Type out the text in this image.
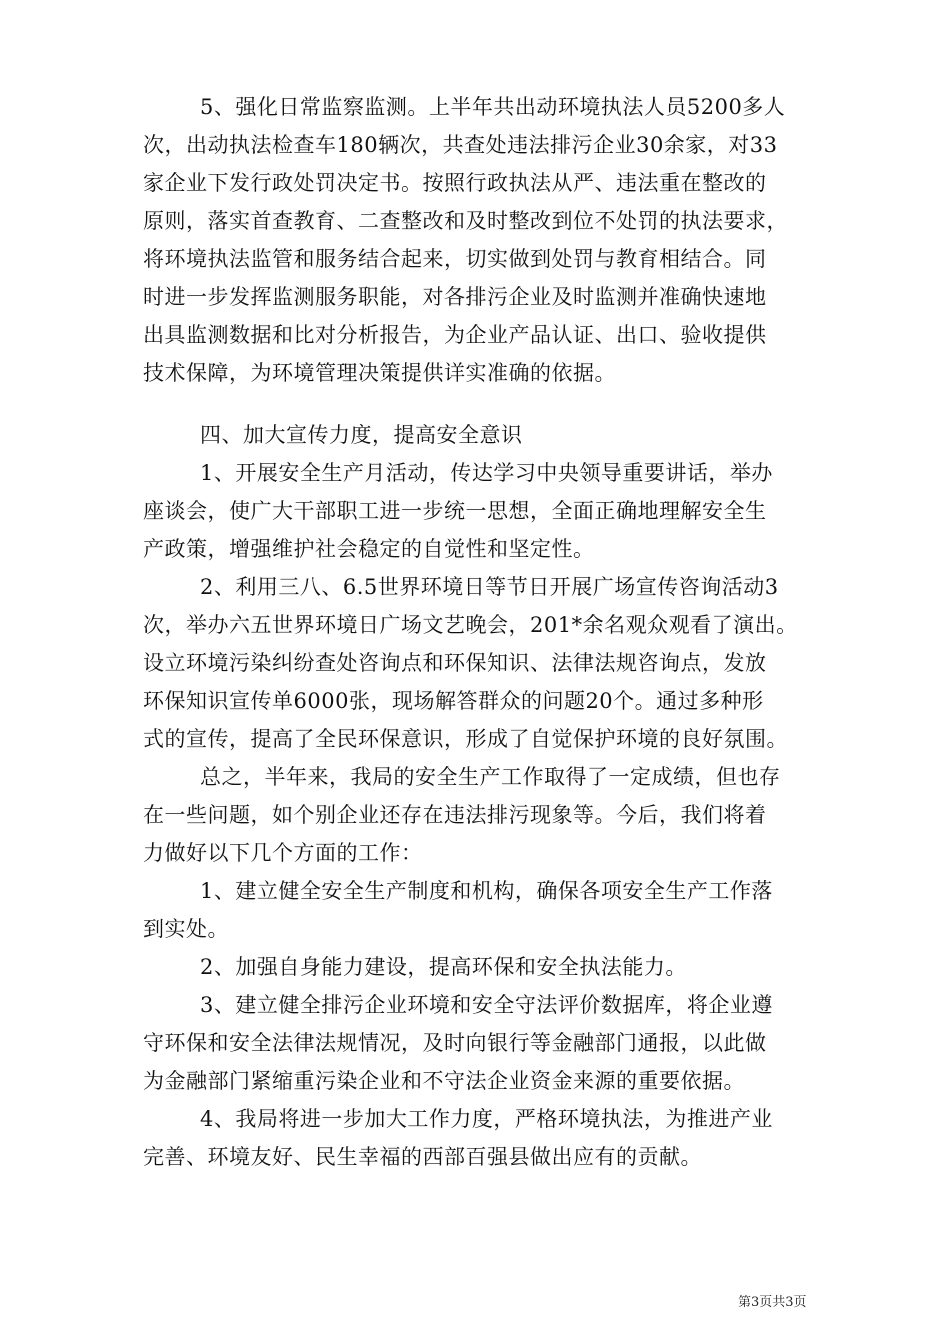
5、强化日常监察监测。上半年共出动环境执法人员5200多人
次，出动执法检查车180辆次，共查处违法排污企业30余家，对33
家企业下发行政处罚决定书。按照行政执法从严、违法重在整改的
原则，落实首查教育、二查整改和及时整改到位不处罚的执法要求，
将环境执法监管和服务结合起来，切实做到处罚与教育相结合。同
时进一步发挥监测服务职能，对各排污企业及时监测并准确快速地
出具监测数据和比对分析报告，为企业产品认证、出口、验收提供
技术保障，为环境管理决策提供详实准确的依据。
四、加大宣传力度，提高安全意识
1、开展安全生产月活动，传达学习中央领导重要讲话，举办
座谈会，使广大干部职工进一步统一思想，全面正确地理解安全生
产政策，增强维护社会稳定的自觉性和坚定性。
2、利用三八、6.5世界环境日等节日开展广场宣传咨询活动3
次，举办六五世界环境日广场文艺晚会，201*余名观众观看了演出。
设立环境污染纠纷查处咨询点和环保知识、法律法规咨询点，发放
环保知识宣传单6000张，现场解答群众的问题20个。通过多种形
式的宣传，提高了全民环保意识，形成了自觉保护环境的良好氛围。
总之，半年来，我局的安全生产工作取得了一定成绩，但也存
在一些问题，如个别企业还存在违法排污现象等。今后，我们将着
力做好以下几个方面的工作：
1、建立健全安全生产制度和机构，确保各项安全生产工作落
到实处。
2、加强自身能力建设，提高环保和安全执法能力。
3、建立健全排污企业环境和安全守法评价数据库，将企业遵
守环保和安全法律法规情况，及时向银行等金融部门通报，以此做
为金融部门紧缩重污染企业和不守法企业资金来源的重要依据。
4、我局将进一步加大工作力度，严格环境执法，为推进产业
完善、环境友好、民生幸福的西部百强县做出应有的贡献。
第3页共3页
